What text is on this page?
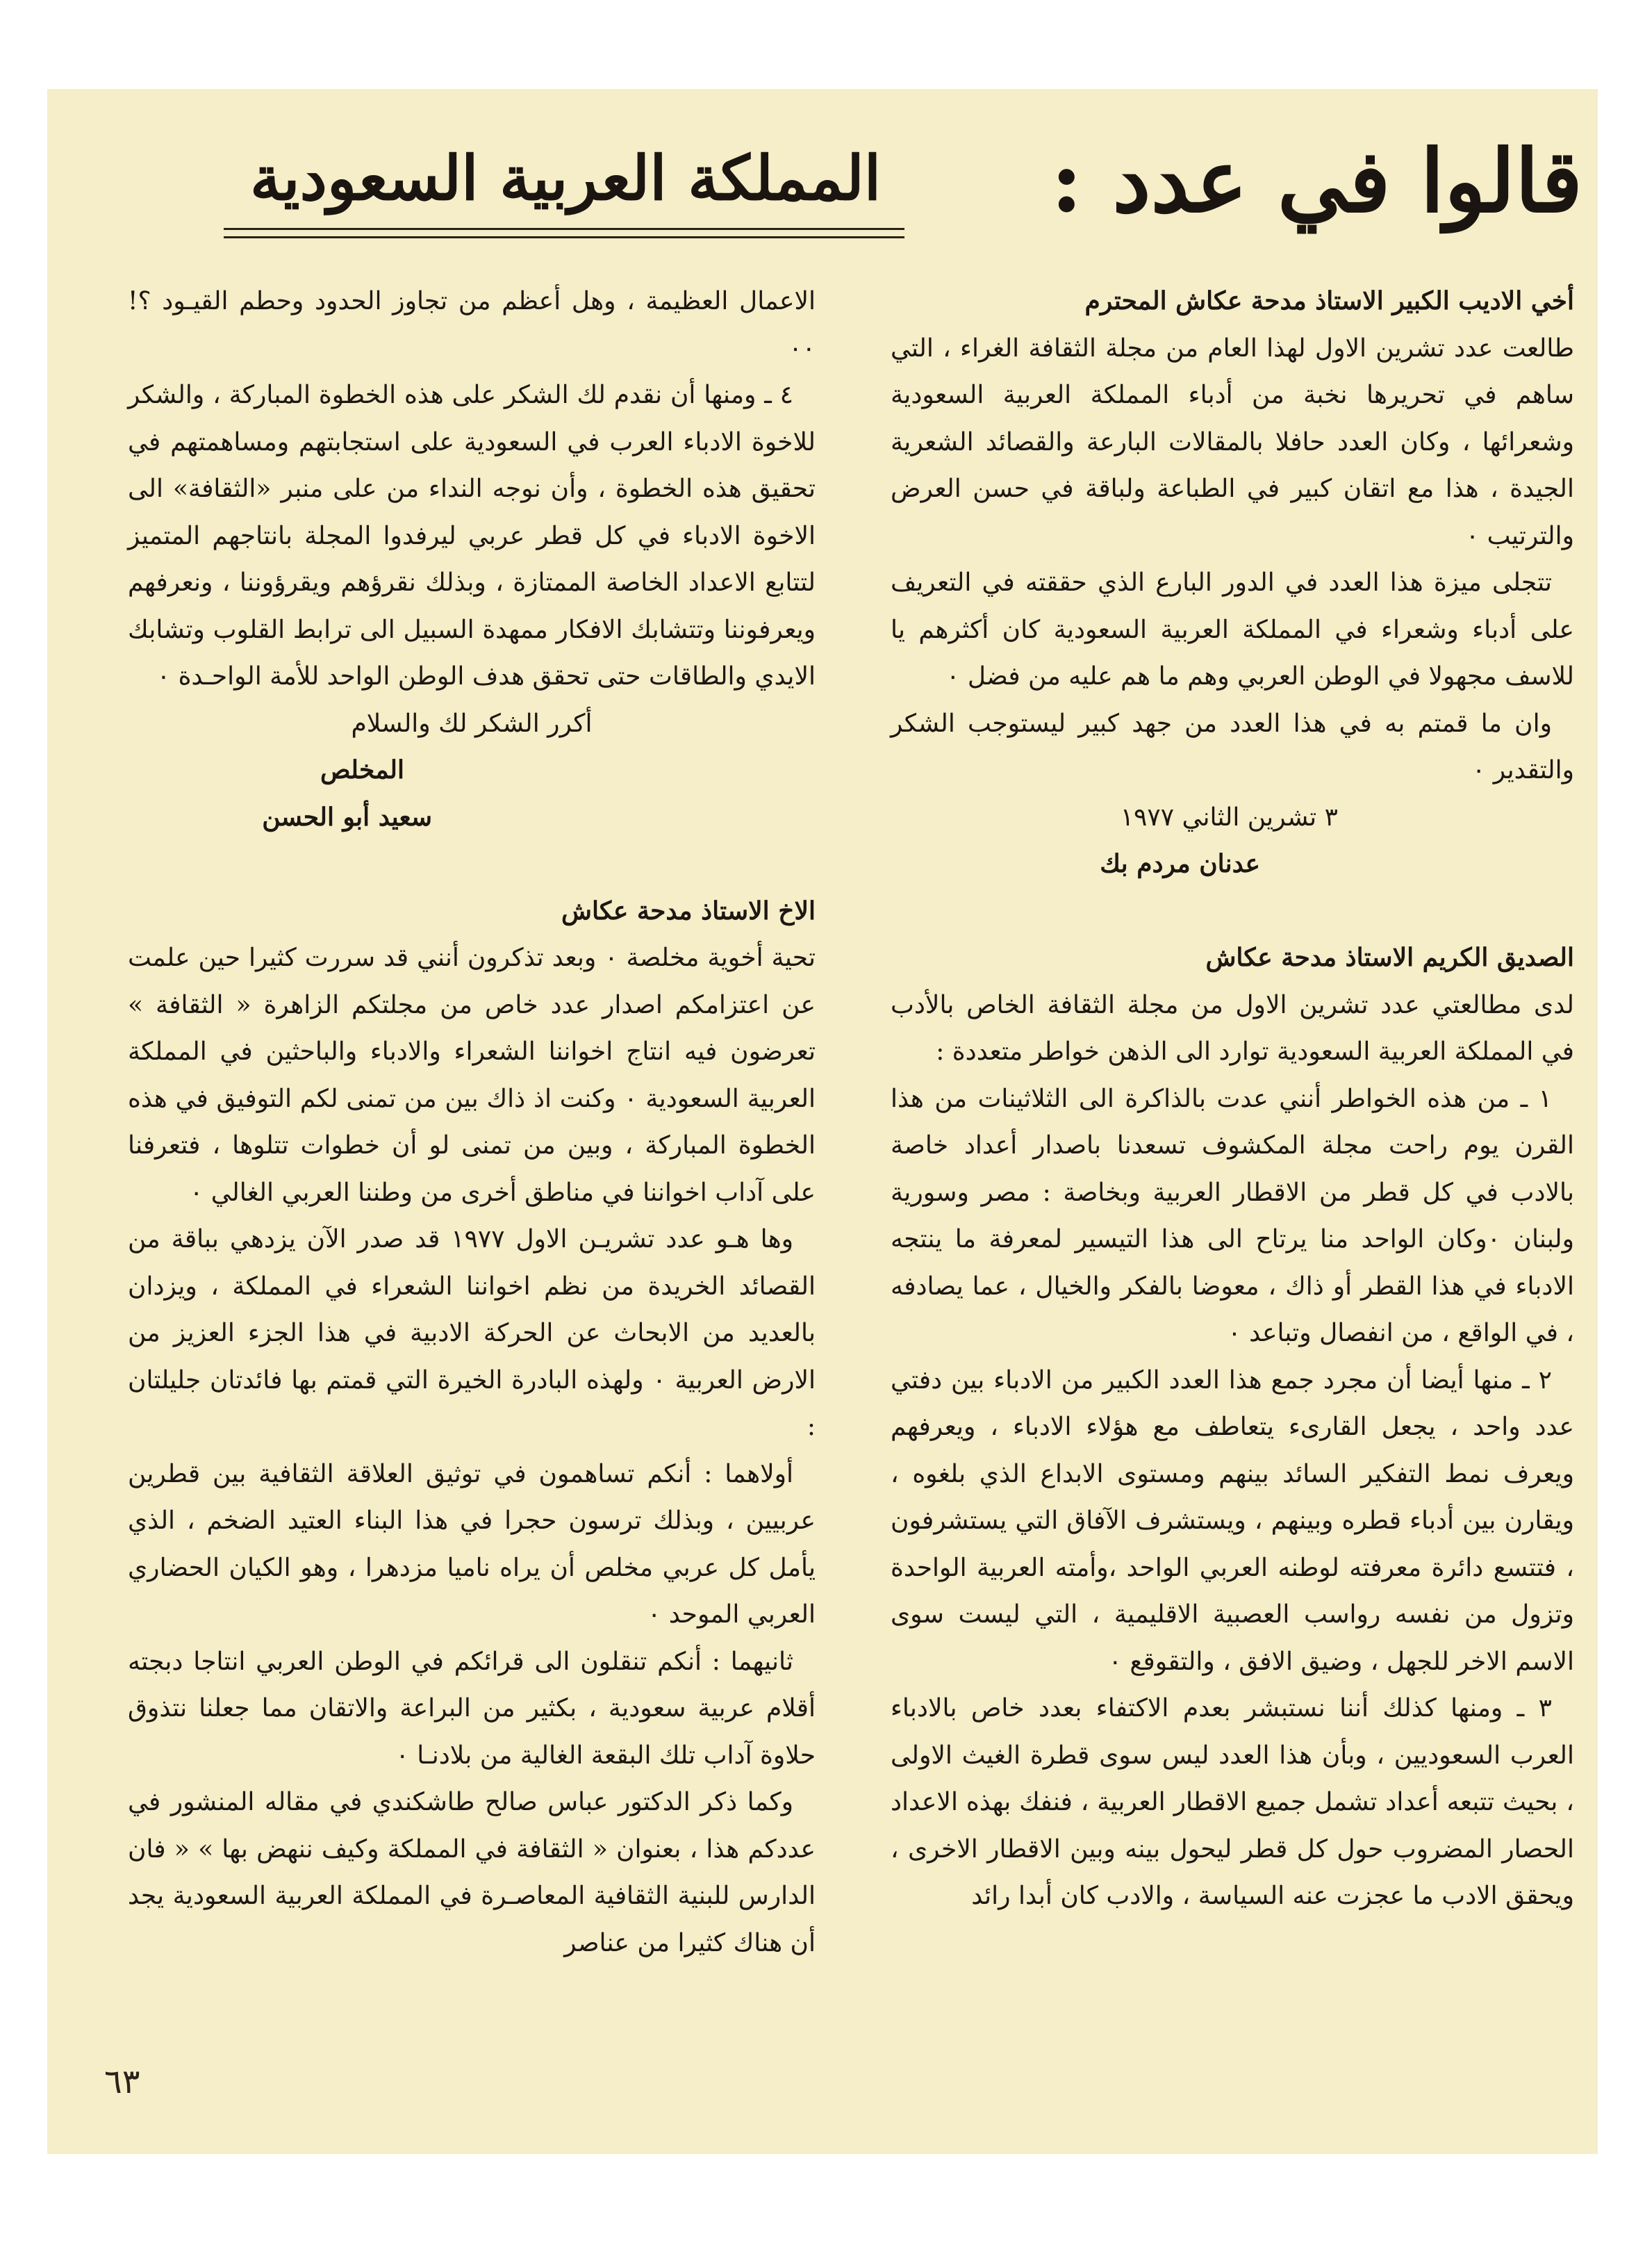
قالوا في عدد :
المملكة العربية السعودية
أخي الاديب الكبير الاستاذ مدحة عكاش المحترم

طالعت عدد تشرين الاول لهذا العام من مجلة الثقافة الغراء ، التي ساهم في تحريرها نخبة من أدباء المملكة العربية السعودية وشعرائها ، وكان العدد حافلا بالمقالات البارعة والقصائد الشعرية الجيدة ، هذا مع اتقان كبير في الطباعة ولباقة في حسن العرض والترتيب ٠

تتجلى ميزة هذا العدد في الدور البارع الذي حققته في التعريف على أدباء وشعراء في المملكة العربية السعودية كان أكثرهم يا للاسف مجهولا في الوطن العربي وهم ما هم عليه من فضل ٠

وان ما قمتم به في هذا العدد من جهد كبير ليستوجب الشكر والتقدير ٠

٣ تشرين الثاني ١٩٧٧

عدنان مردم بك

الصديق الكريم الاستاذ مدحة عكاش

لدى مطالعتي عدد تشرين الاول من مجلة الثقافة الخاص بالأدب في المملكة العربية السعودية توارد الى الذهن خواطر متعددة :

١ ـ من هذه الخواطر أنني عدت بالذاكرة الى الثلاثينات من هذا القرن يوم راحت مجلة المكشوف تسعدنا باصدار أعداد خاصة بالادب في كل قطر من الاقطار العربية وبخاصة : مصر وسورية ولبنان ٠وكان الواحد منا يرتاح الى هذا التيسير لمعرفة ما ينتجه الادباء في هذا القطر أو ذاك ، معوضا بالفكر والخيال ، عما يصادفه ، في الواقع ، من انفصال وتباعد ٠

٢ ـ منها أيضا أن مجرد جمع هذا العدد الكبير من الادباء بين دفتي عدد واحد ، يجعل القارىء يتعاطف مع هؤلاء الادباء ، ويعرفهم ويعرف نمط التفكير السائد بينهم ومستوى الابداع الذي بلغوه ، ويقارن بين أدباء قطره وبينهم ، ويستشرف الآفاق التي يستشرفون ، فتتسع دائرة معرفته لوطنه العربي الواحد ،وأمته العربية الواحدة وتزول من نفسه رواسب العصبية الاقليمية ، التي ليست سوى الاسم الاخر للجهل ، وضيق الافق ، والتقوقع ٠

٣ ـ ومنها كذلك أننا نستبشر بعدم الاكتفاء بعدد خاص بالادباء العرب السعوديين ، وبأن هذا العدد ليس سوى قطرة الغيث الاولى ، بحيث تتبعه أعداد تشمل جميع الاقطار العربية ، فنفك بهذه الاعداد الحصار المضروب حول كل قطر ليحول بينه وبين الاقطار الاخرى ، ويحقق الادب ما عجزت عنه السياسة ، والادب كان أبدا رائد

الاعمال العظيمة ، وهل أعظم من تجاوز الحدود وحطم القيـود ؟! ٠٠

٤ ـ ومنها أن نقدم لك الشكر على هذه الخطوة المباركة ، والشكر للاخوة الادباء العرب في السعودية على استجابتهم ومساهمتهم في تحقيق هذه الخطوة ، وأن نوجه النداء من على منبر «الثقافة» الى الاخوة الادباء في كل قطر عربي ليرفدوا المجلة بانتاجهم المتميز لتتابع الاعداد الخاصة الممتازة ، وبذلك نقرؤهم ويقرؤوننا ، ونعرفهم ويعرفوننا وتتشابك الافكار ممهدة السبيل الى ترابط القلوب وتشابك الايدي والطاقات حتى تحقق هدف الوطن الواحد للأمة الواحـدة ٠

أكرر الشكر لك والسلام

المخلص

سعيد أبو الحسن

الاخ الاستاذ مدحة عكاش

تحية أخوية مخلصة ٠ وبعد تذكرون أنني قد سررت كثيرا حين علمت عن اعتزامكم اصدار عدد خاص من مجلتكم الزاهرة « الثقافة » تعرضون فيه انتاج اخواننا الشعراء والادباء والباحثين في المملكة العربية السعودية ٠ وكنت اذ ذاك بين من تمنى لكم التوفيق في هذه الخطوة المباركة ، وبين من تمنى لو أن خطوات تتلوها ، فتعرفنا على آداب اخواننا في مناطق أخرى من وطننا العربي الغالي ٠

وها هـو عدد تشريـن الاول ١٩٧٧ قد صدر الآن يزدهي بباقة من القصائد الخريدة من نظم اخواننا الشعراء في المملكة ، ويزدان بالعديد من الابحاث عن الحركة الادبية في هذا الجزء العزيز من الارض العربية ٠ ولهذه البادرة الخيرة التي قمتم بها فائدتان جليلتان :

أولاهما : أنكم تساهمون في توثيق العلاقة الثقافية بين قطرين عربيين ، وبذلك ترسون حجرا في هذا البناء العتيد الضخم ، الذي يأمل كل عربي مخلص أن يراه ناميا مزدهرا ، وهو الكيان الحضاري العربي الموحد ٠

ثانيهما : أنكم تنقلون الى قرائكم في الوطن العربي انتاجا دبجته أقلام عربية سعودية ، بكثير من البراعة والاتقان مما جعلنا نتذوق حلاوة آداب تلك البقعة الغالية من بلادنـا ٠

وكما ذكر الدكتور عباس صالح طاشكندي في مقاله المنشور في عددكم هذا ، بعنوان « الثقافة في المملكة وكيف ننهض بها » « فان الدارس للبنية الثقافية المعاصـرة في المملكة العربية السعودية يجد أن هناك كثيرا من عناصر

٦٣
